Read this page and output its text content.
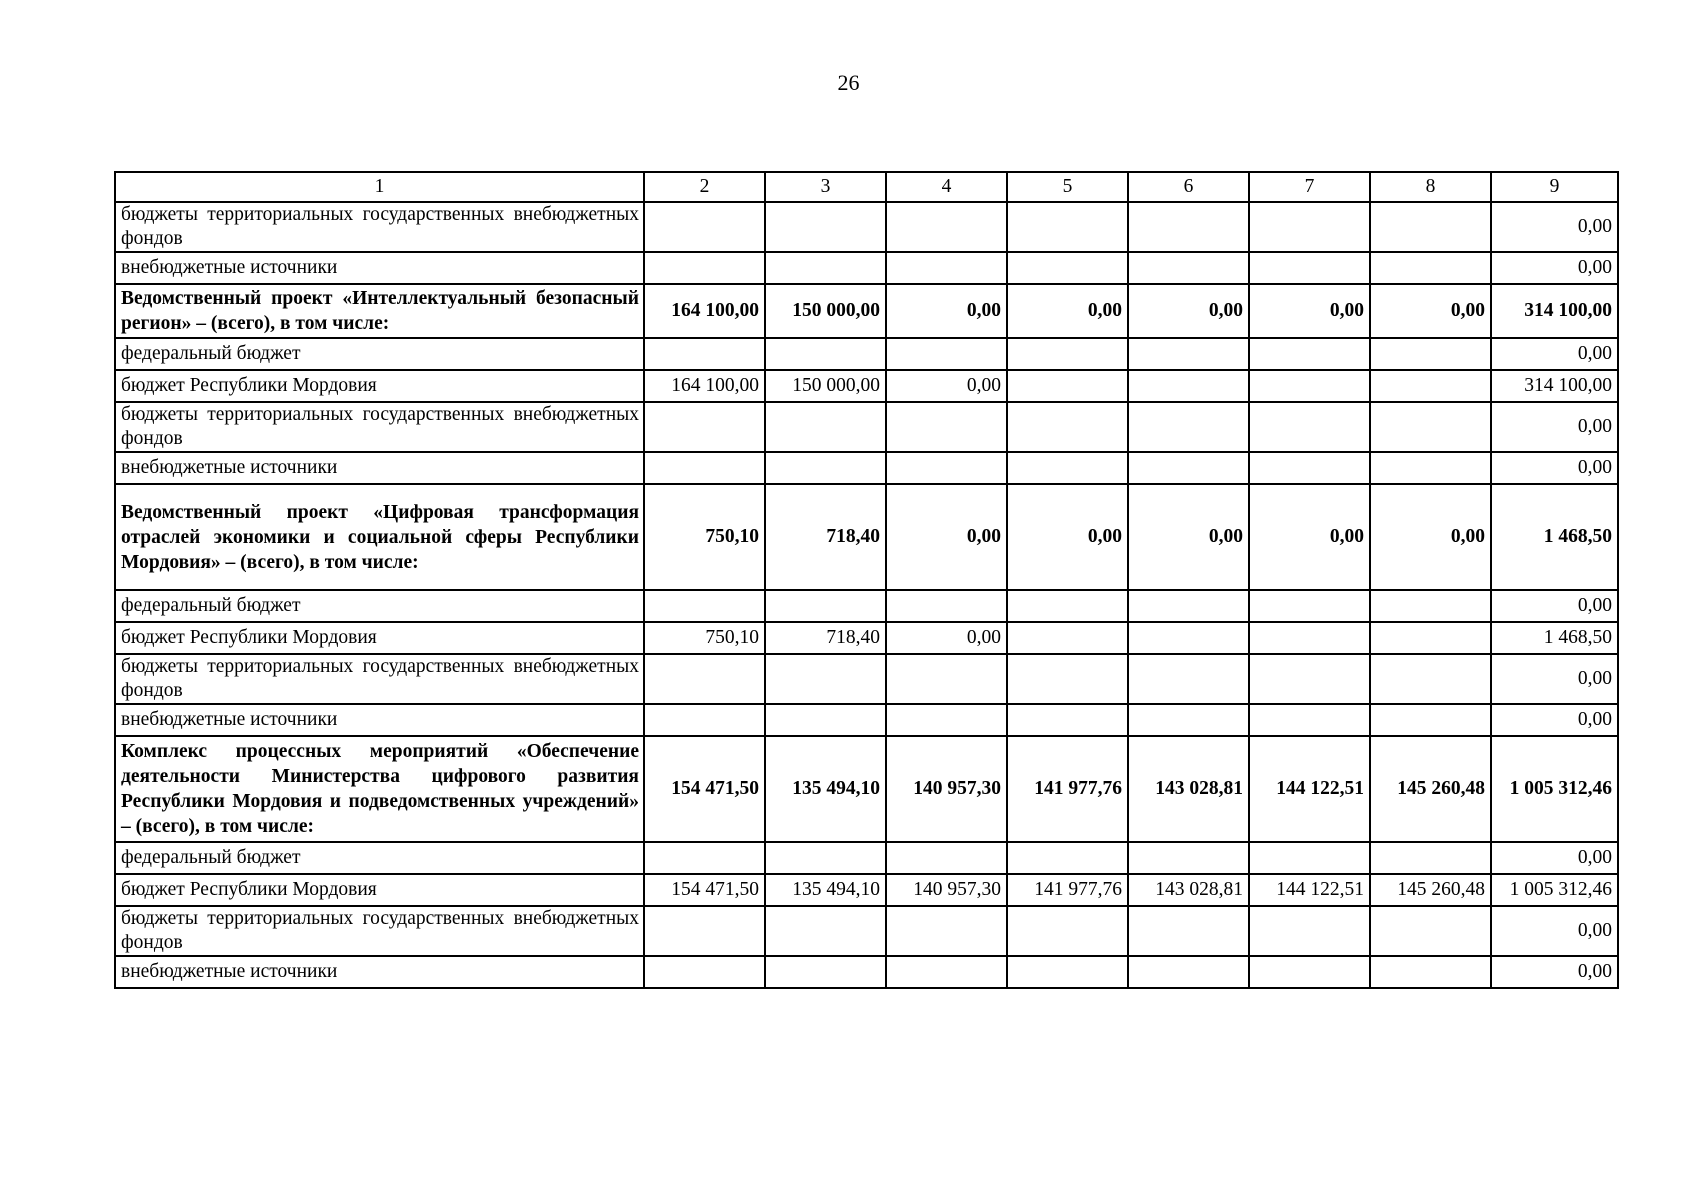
26
1	2	3	4	5	6	7	8	9
бюджеты территориальных государственных внебюджетных фондов								0,00
внебюджетные источники								0,00
Ведомственный проект «Интеллектуальный безопасный регион» – (всего), в том числе:	164 100,00	150 000,00	0,00	0,00	0,00	0,00	0,00	314 100,00
федеральный бюджет								0,00
бюджет Республики Мордовия	164 100,00	150 000,00	0,00					314 100,00
бюджеты территориальных государственных внебюджетных фондов								0,00
внебюджетные источники								0,00
Ведомственный проект «Цифровая трансформация отраслей экономики и социальной сферы Республики Мордовия» – (всего), в том числе:	750,10	718,40	0,00	0,00	0,00	0,00	0,00	1 468,50
федеральный бюджет								0,00
бюджет Республики Мордовия	750,10	718,40	0,00					1 468,50
бюджеты территориальных государственных внебюджетных фондов								0,00
внебюджетные источники								0,00
Комплекс процессных мероприятий «Обеспечение деятельности Министерства цифрового развития Республики Мордовия и подведомственных учреждений» – (всего), в том числе:	154 471,50	135 494,10	140 957,30	141 977,76	143 028,81	144 122,51	145 260,48	1 005 312,46
федеральный бюджет								0,00
бюджет Республики Мордовия	154 471,50	135 494,10	140 957,30	141 977,76	143 028,81	144 122,51	145 260,48	1 005 312,46
бюджеты территориальных государственных внебюджетных фондов								0,00
внебюджетные источники								0,00
